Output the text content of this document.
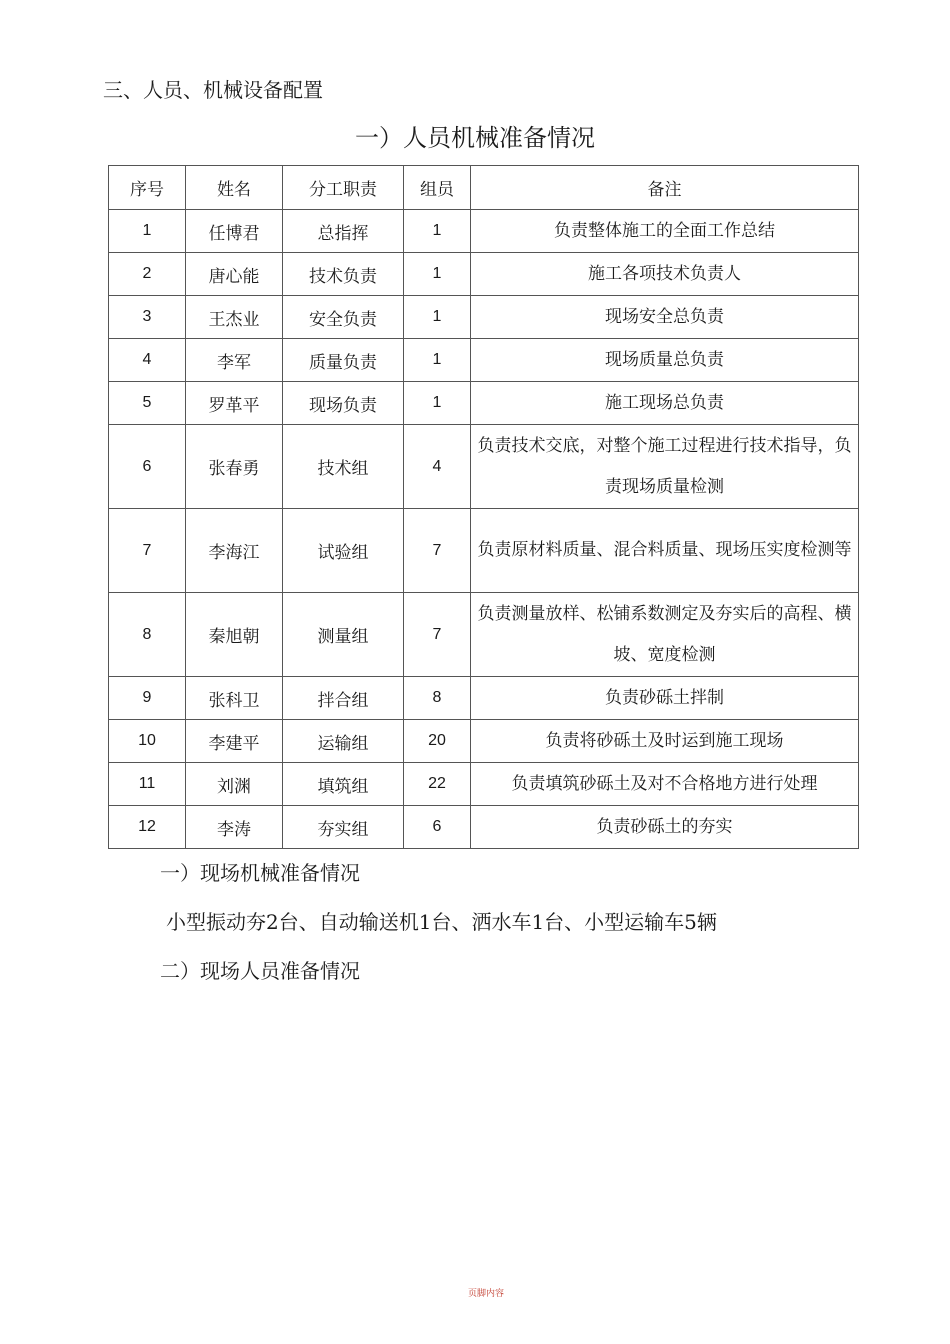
三、人员、机械设备配置
一）人员机械准备情况
序号	姓名	分工职责	组员	备注
1	任博君	总指挥	1	负责整体施工的全面工作总结
2	唐心能	技术负责	1	施工各项技术负责人
3	王杰业	安全负责	1	现场安全总负责
4	李军	质量负责	1	现场质量总负责
5	罗革平	现场负责	1	施工现场总负责
6	张春勇	技术组	4	负责技术交底，对整个施工过程进行技术指导，负责现场质量检测
7	李海江	试验组	7	负责原材料质量、混合料质量、现场压实度检测等
8	秦旭朝	测量组	7	负责测量放样、松铺系数测定及夯实后的高程、横坡、宽度检测
9	张科卫	拌合组	8	负责砂砾土拌制
10	李建平	运输组	20	负责将砂砾土及时运到施工现场
11	刘渊	填筑组	22	负责填筑砂砾土及对不合格地方进行处理
12	李涛	夯实组	6	负责砂砾土的夯实
一）现场机械准备情况
小型振动夯2台、自动输送机1台、洒水车1台、小型运输车5辆
二）现场人员准备情况
页脚内容
